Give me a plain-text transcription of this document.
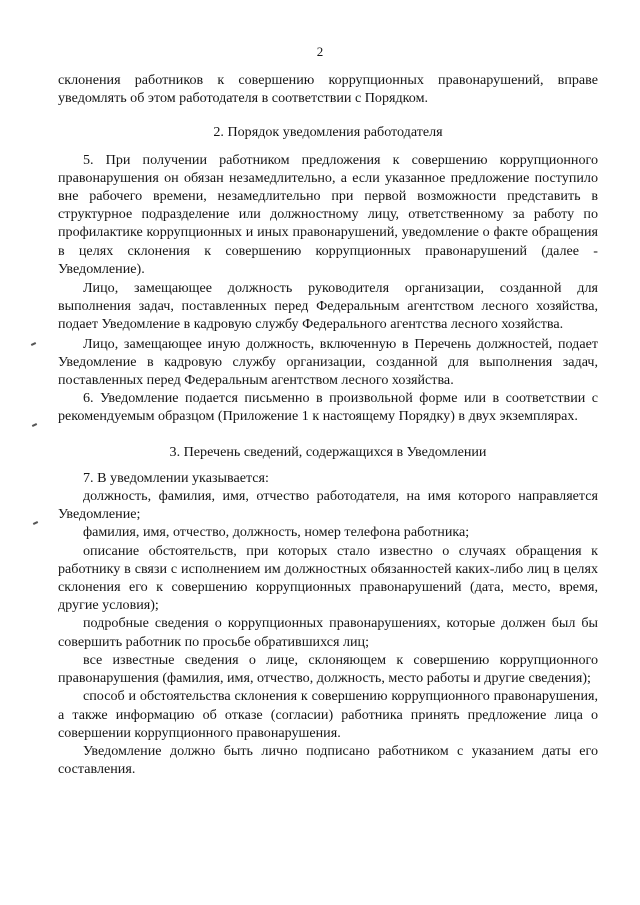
2

склонения работников к совершению коррупционных правонарушений, вправе уведомлять об этом работодателя в соответствии с Порядком.

2. Порядок уведомления работодателя

5. При получении работником предложения к совершению коррупционного правонарушения он обязан незамедлительно, а если указанное предложение поступило вне рабочего времени, незамедлительно при первой возможности представить в структурное подразделение или должностному лицу, ответственному за работу по профилактике коррупционных и иных правонарушений, уведомление о факте обращения в целях склонения к совершению коррупционных правонарушений (далее - Уведомление).

Лицо, замещающее должность руководителя организации, созданной для выполнения задач, поставленных перед Федеральным агентством лесного хозяйства, подает Уведомление в кадровую службу Федерального агентства лесного хозяйства.

Лицо, замещающее иную должность, включенную в Перечень должностей, подает Уведомление в кадровую службу организации, созданной для выполнения задач, поставленных перед Федеральным агентством лесного хозяйства.

6. Уведомление подается письменно в произвольной форме или в соответствии с рекомендуемым образцом (Приложение 1 к настоящему Порядку) в двух экземплярах.

3. Перечень сведений, содержащихся в Уведомлении

7. В уведомлении указывается:

должность, фамилия, имя, отчество работодателя, на имя которого направляется Уведомление;

фамилия, имя, отчество, должность, номер телефона работника;

описание обстоятельств, при которых стало известно о случаях обращения к работнику в связи с исполнением им должностных обязанностей каких-либо лиц в целях склонения его к совершению коррупционных правонарушений (дата, место, время, другие условия);

подробные сведения о коррупционных правонарушениях, которые должен был бы совершить работник по просьбе обратившихся лиц;

все известные сведения о лице, склоняющем к совершению коррупционного правонарушения (фамилия, имя, отчество, должность, место работы и другие сведения);

способ и обстоятельства склонения к совершению коррупционного правонарушения, а также информацию об отказе (согласии) работника принять предложение лица о совершении коррупционного правонарушения.

Уведомление должно быть лично подписано работником с указанием даты его составления.
